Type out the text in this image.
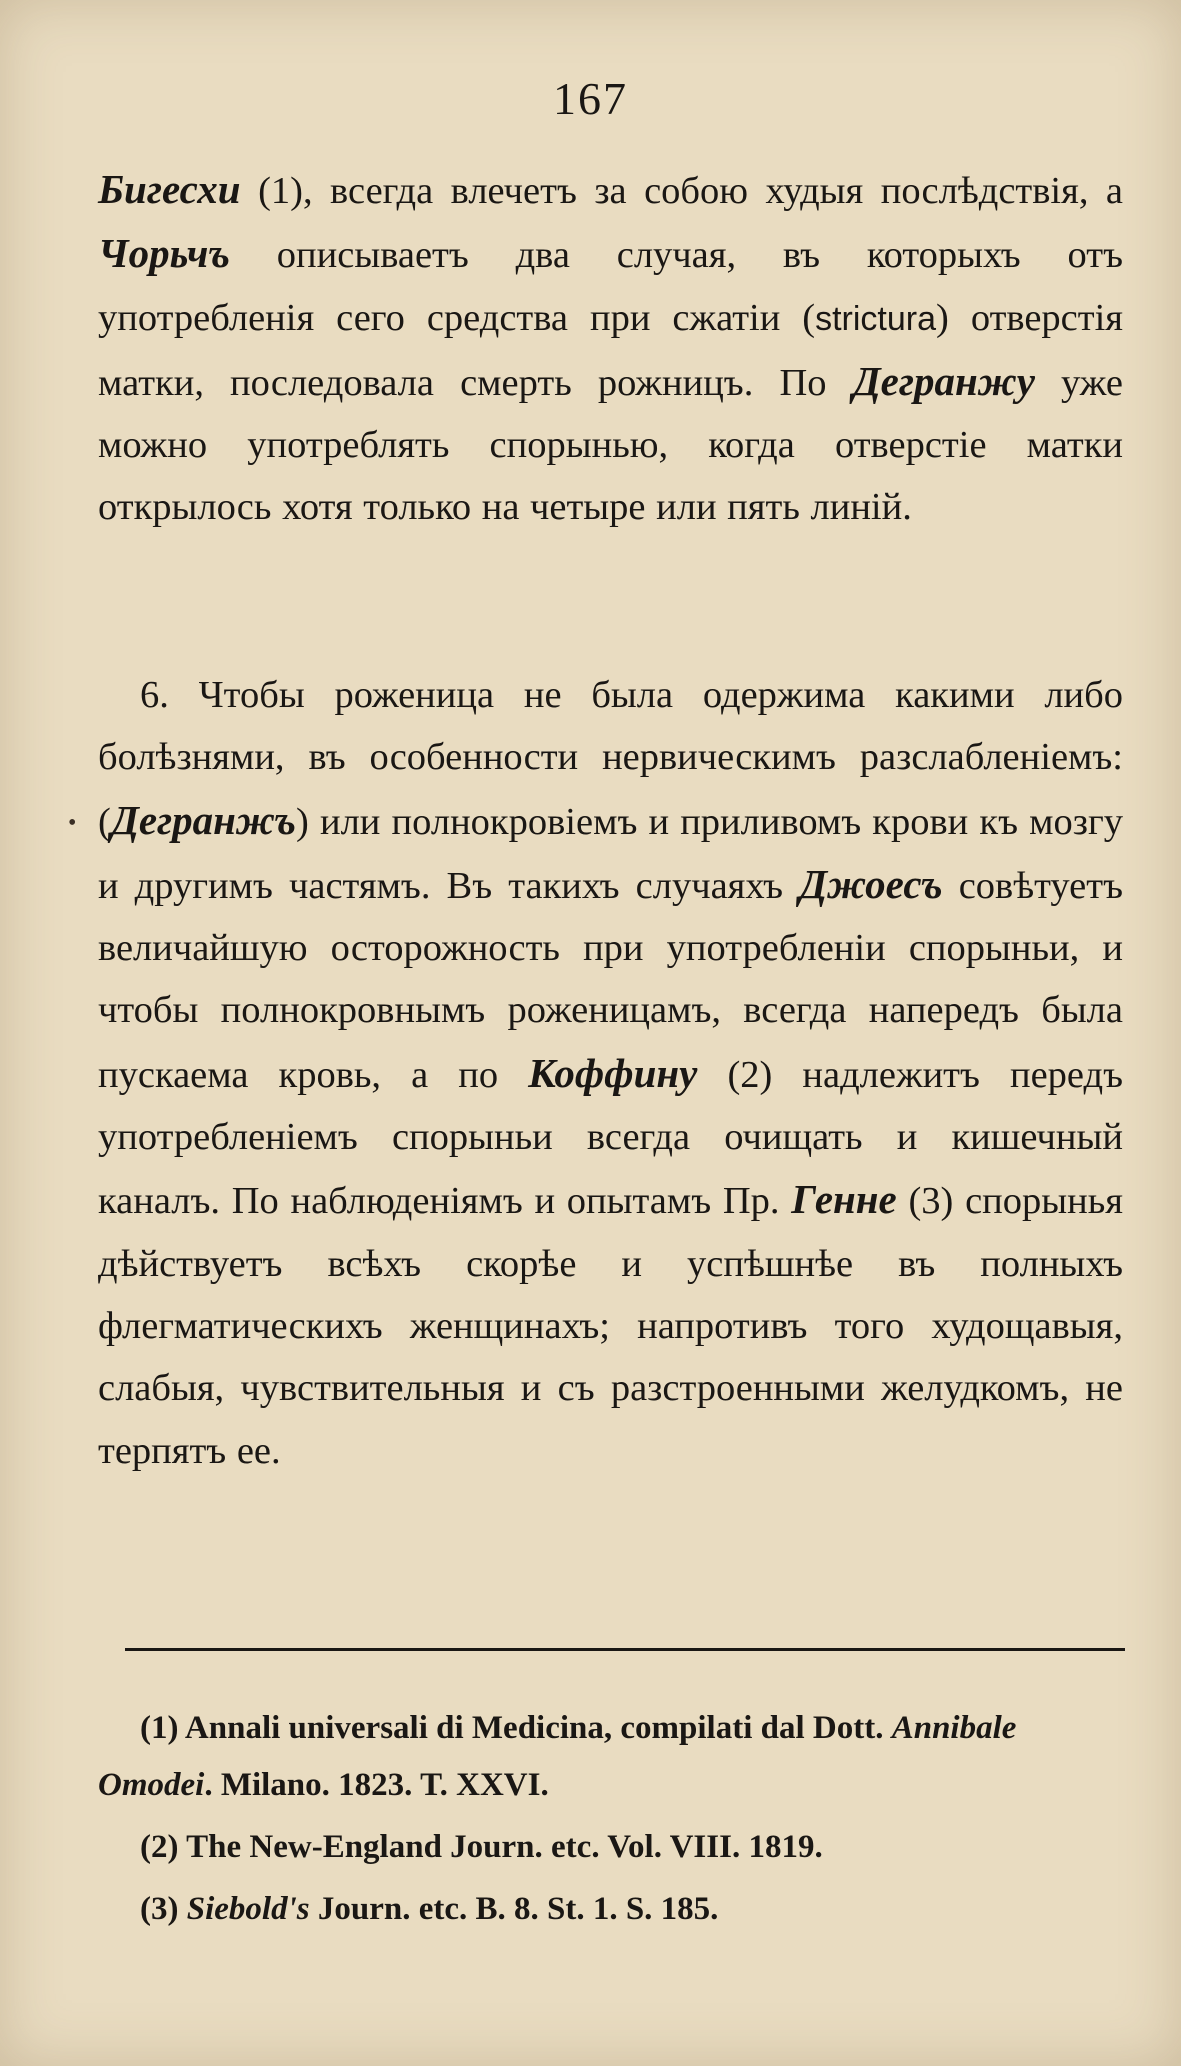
167

Бигесхи (1), всегда влечетъ за собою худыя послѣдствія, а Чорьчъ описываетъ два случая, въ которыхъ отъ употребленія сего средства при сжатіи (strictura) отверстія матки, последовала смерть рожницъ. По Дегранжу уже можно употреблять спорынью, когда отверстіе матки открылось хотя только на четыре или пять линій.

•

6. Чтобы роженица не была одержима какими либо болѣзнями, въ особенности нервическимъ разслабленіемъ: (Дегранжъ) или полнокровіемъ и приливомъ крови къ мозгу и другимъ частямъ. Въ такихъ случаяхъ Джоесъ совѣтуетъ величайшую осторожность при употребленіи спорыньи, и чтобы полнокровнымъ роженицамъ, всегда напередъ была пускаема кровь, а по Коффину (2) надлежитъ передъ употребленіемъ спорыньи всегда очищать и кишечный каналъ. По наблюденіямъ и опытамъ Пр. Генне (3) спорынья дѣйствуетъ всѣхъ скорѣе и успѣшнѣе въ полныхъ флегматическихъ женщинахъ; напротивъ того худощавыя, слабыя, чувствительныя и съ разстроенными желудкомъ, не терпятъ ее.

(1) Annali universali di Medicina, compilati dal Dott. Annibale Omodei. Milano. 1823. T. XXVI.

(2) The New-England Journ. etc. Vol. VIII. 1819.

(3) Siebold's Journ. etc. B. 8. St. 1. S. 185.
